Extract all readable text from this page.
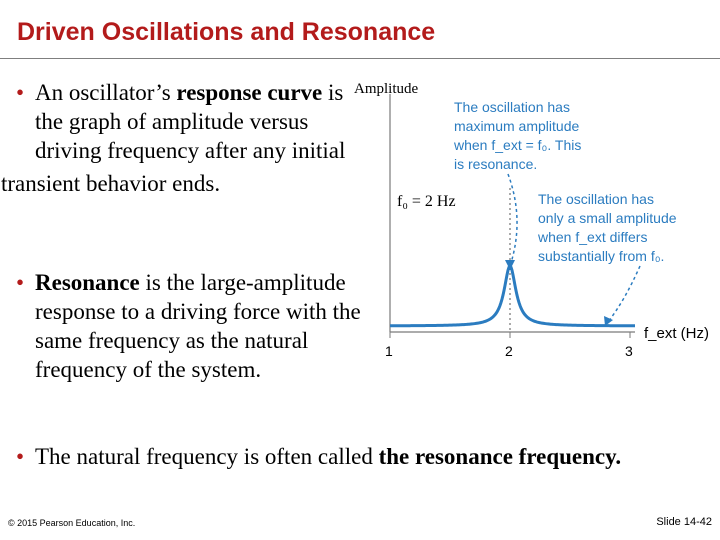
Driven Oscillations and Resonance
• An oscillator’s response curve is the graph of amplitude versus driving frequency after any initial
transient behavior ends.
• Resonance is the large-amplitude response to a driving force with the same frequency as the natural frequency of the system.
• The natural frequency is often called the resonance frequency.
Amplitude
f₀ = 2 Hz
1	2	3
f_ext (Hz)
The oscillation has
maximum amplitude
when f_ext = f₀. This
is resonance.
The oscillation has
only a small amplitude
when f_ext differs
substantially from f₀.
© 2015 Pearson Education, Inc.	Slide 14-42
